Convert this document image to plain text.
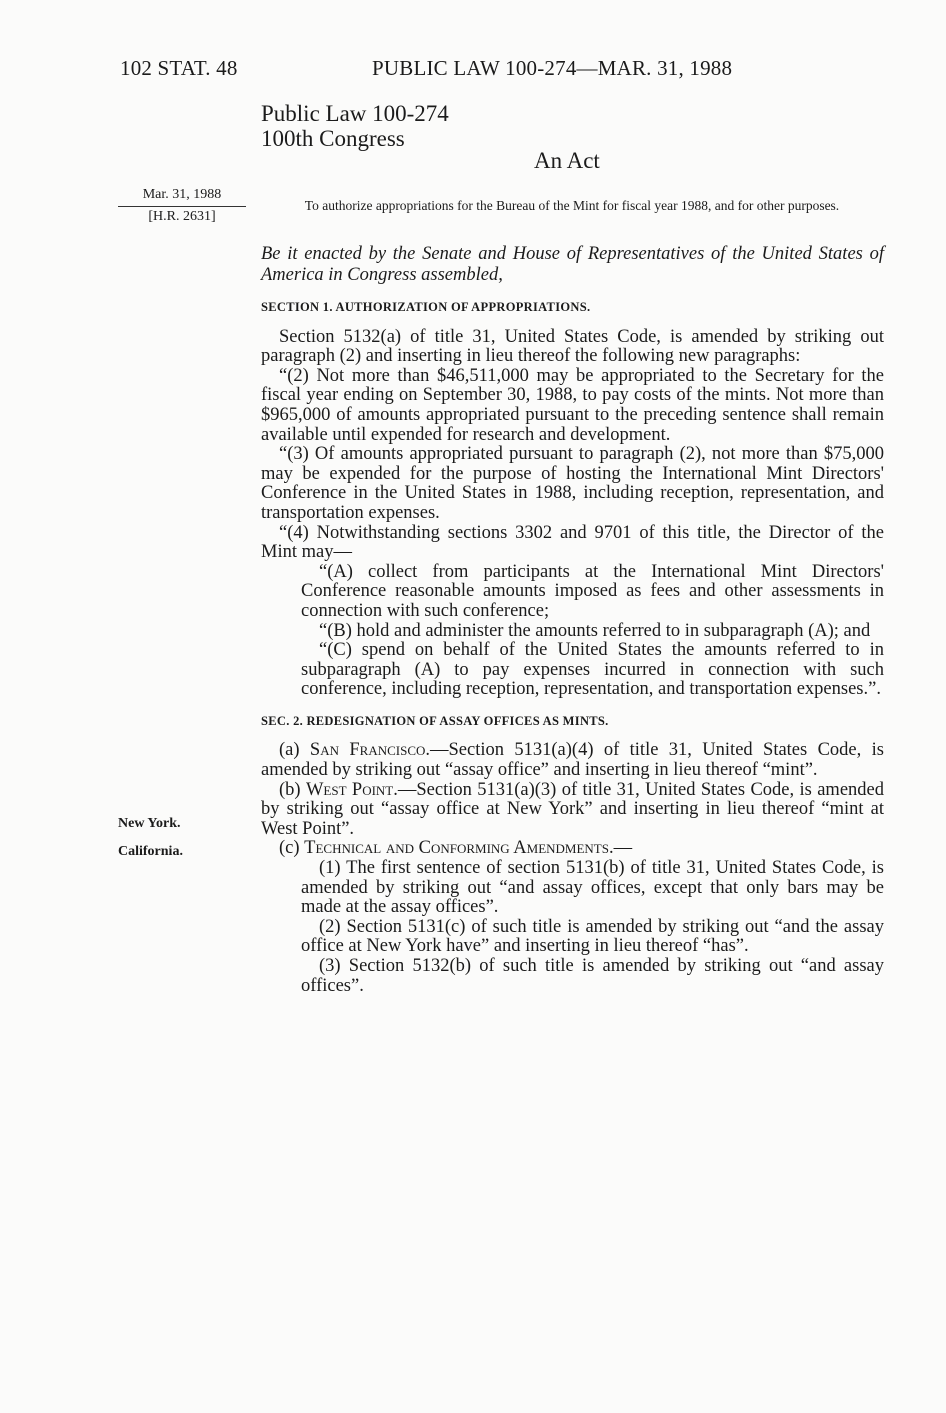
102 STAT. 48	PUBLIC LAW 100-274—MAR. 31, 1988
Public Law 100-274
100th Congress
An Act
Mar. 31, 1988
[H.R. 2631]
To authorize appropriations for the Bureau of the Mint for fiscal year 1988, and for other purposes.
New York.
California.

Be it enacted by the Senate and House of Representatives of the United States of America in Congress assembled,

SECTION 1. AUTHORIZATION OF APPROPRIATIONS.

Section 5132(a) of title 31, United States Code, is amended by striking out paragraph (2) and inserting in lieu thereof the following new paragraphs:

“(2) Not more than $46,511,000 may be appropriated to the Secretary for the fiscal year ending on September 30, 1988, to pay costs of the mints. Not more than $965,000 of amounts appropriated pursuant to the preceding sentence shall remain available until expended for research and development.

“(3) Of amounts appropriated pursuant to paragraph (2), not more than $75,000 may be expended for the purpose of hosting the International Mint Directors' Conference in the United States in 1988, including reception, representation, and transportation expenses.

“(4) Notwithstanding sections 3302 and 9701 of this title, the Director of the Mint may—

“(A) collect from participants at the International Mint Directors' Conference reasonable amounts imposed as fees and other assessments in connection with such conference;

“(B) hold and administer the amounts referred to in subparagraph (A); and

“(C) spend on behalf of the United States the amounts referred to in subparagraph (A) to pay expenses incurred in connection with such conference, including reception, representation, and transportation expenses.”.

SEC. 2. REDESIGNATION OF ASSAY OFFICES AS MINTS.

(a) San Francisco.—Section 5131(a)(4) of title 31, United States Code, is amended by striking out “assay office” and inserting in lieu thereof “mint”.

(b) West Point.—Section 5131(a)(3) of title 31, United States Code, is amended by striking out “assay office at New York” and inserting in lieu thereof “mint at West Point”.

(c) Technical and Conforming Amendments.—

(1) The first sentence of section 5131(b) of title 31, United States Code, is amended by striking out “and assay offices, except that only bars may be made at the assay offices”.

(2) Section 5131(c) of such title is amended by striking out “and the assay office at New York have” and inserting in lieu thereof “has”.

(3) Section 5132(b) of such title is amended by striking out “and assay offices”.
